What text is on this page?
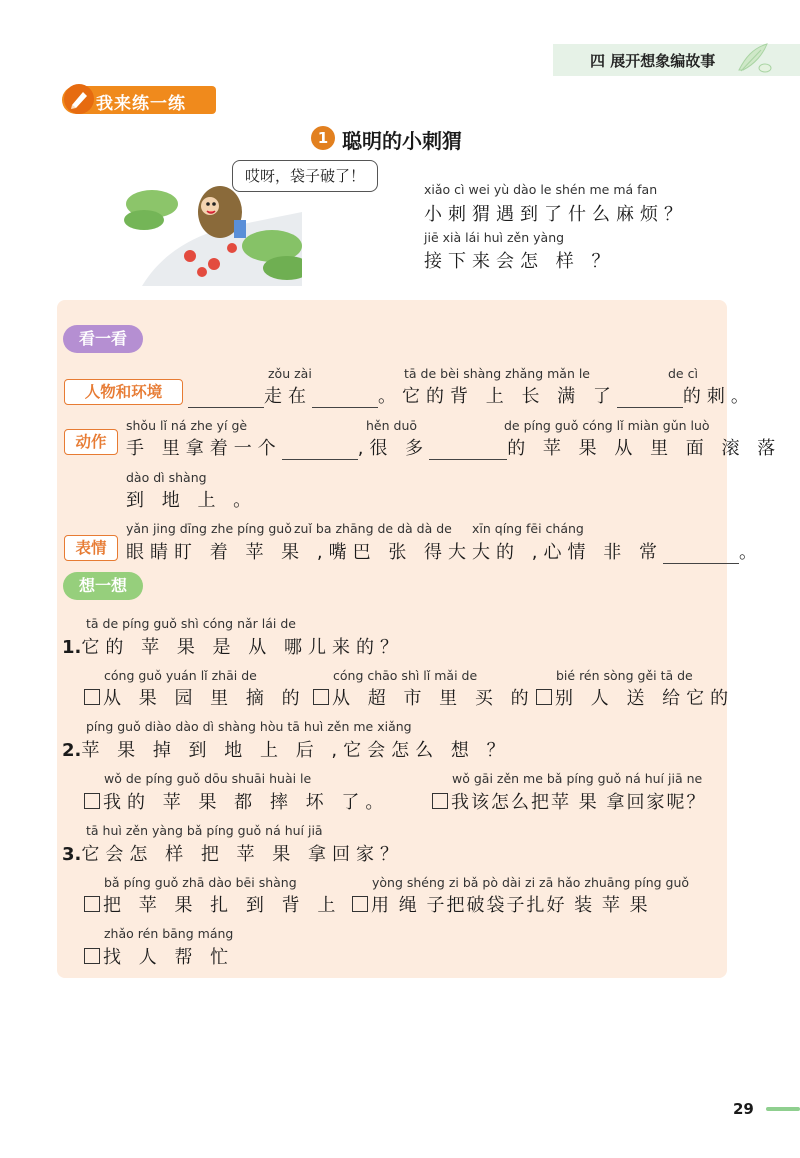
四 展开想象编故事
我来练一练
1 聪明的小刺猬
哎呀，袋子破了！
xiǎo cì wei yù dào le shén me má fan
小刺猬遇到了什么麻烦？
jiē xià lái huì zěn yàng
接下来会怎 样 ？
看一看
人物和环境
zǒu zài	tā de bèi shàng zhǎng mǎn le	de cì
走在	。它的背 上 长 满 了	的刺。
动作
shǒu lǐ ná zhe yí gè	hěn duō	de píng guǒ cóng lǐ miàn gǔn luò
手 里拿着一个	,很 多	的 苹 果 从 里 面 滚 落
dào dì shàng
到 地 上 。
表情
yǎn jing dīng zhe píng guǒ zuǐ ba zhāng de dà dà de xīn qíng fēi cháng
眼睛盯 着 苹 果 ,嘴巴 张 得大大的 ,心情 非 常	。
想一想
tā de píng guǒ shì cóng nǎr lái de
1.它的 苹 果 是 从 哪儿来的？
cóng guǒ yuán lǐ zhāi de
从 果 园 里 摘 的
cóng chāo shì lǐ mǎi de
从 超 市 里 买 的
bié rén sòng gěi tā de
别 人 送 给它的
píng guǒ diào dào dì shàng hòu tā huì zěn me xiǎng
2.苹 果 掉 到 地 上 后 ,它会怎么 想 ？
wǒ de píng guǒ dōu shuāi huài le
我的 苹 果 都 摔 坏 了。
wǒ gāi zěn me bǎ píng guǒ ná huí jiā ne
我该怎么把苹 果 拿回家呢？
tā huì zěn yàng bǎ píng guǒ ná huí jiā
3.它会怎 样 把 苹 果 拿回家？
bǎ píng guǒ zhā dào bēi shàng
把 苹 果 扎 到 背 上
yòng shéng zi bǎ pò dài zi zā hǎo zhuāng píng guǒ
用 绳 子把破袋子扎好 装 苹 果
zhǎo rén bāng máng
找 人 帮 忙
29
